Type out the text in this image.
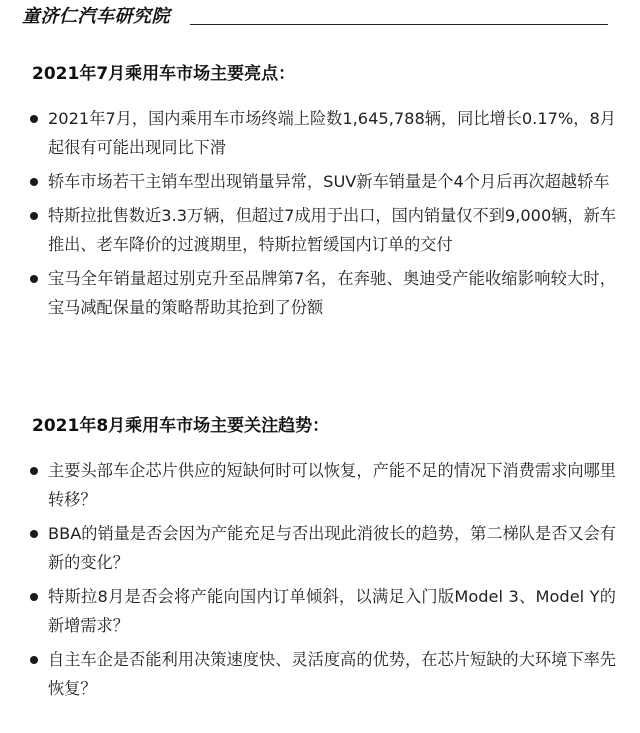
童济仁汽车研究院
2021年7月乘用车市场主要亮点：
2021年7月，国内乘用车市场终端上险数1,645,788辆，同比增长0.17%，8月起很有可能出现同比下滑
轿车市场若干主销车型出现销量异常，SUV新车销量是个4个月后再次超越轿车
特斯拉批售数近3.3万辆，但超过7成用于出口，国内销量仅不到9,000辆，新车推出、老车降价的过渡期里，特斯拉暂缓国内订单的交付
宝马全年销量超过别克升至品牌第7名，在奔驰、奥迪受产能收缩影响较大时，宝马减配保量的策略帮助其抢到了份额
2021年8月乘用车市场主要关注趋势：
主要头部车企芯片供应的短缺何时可以恢复，产能不足的情况下消费需求向哪里转移？
BBA的销量是否会因为产能充足与否出现此消彼长的趋势，第二梯队是否又会有新的变化？
特斯拉8月是否会将产能向国内订单倾斜，以满足入门版Model 3、Model Y的新增需求？
自主车企是否能利用决策速度快、灵活度高的优势，在芯片短缺的大环境下率先恢复？
